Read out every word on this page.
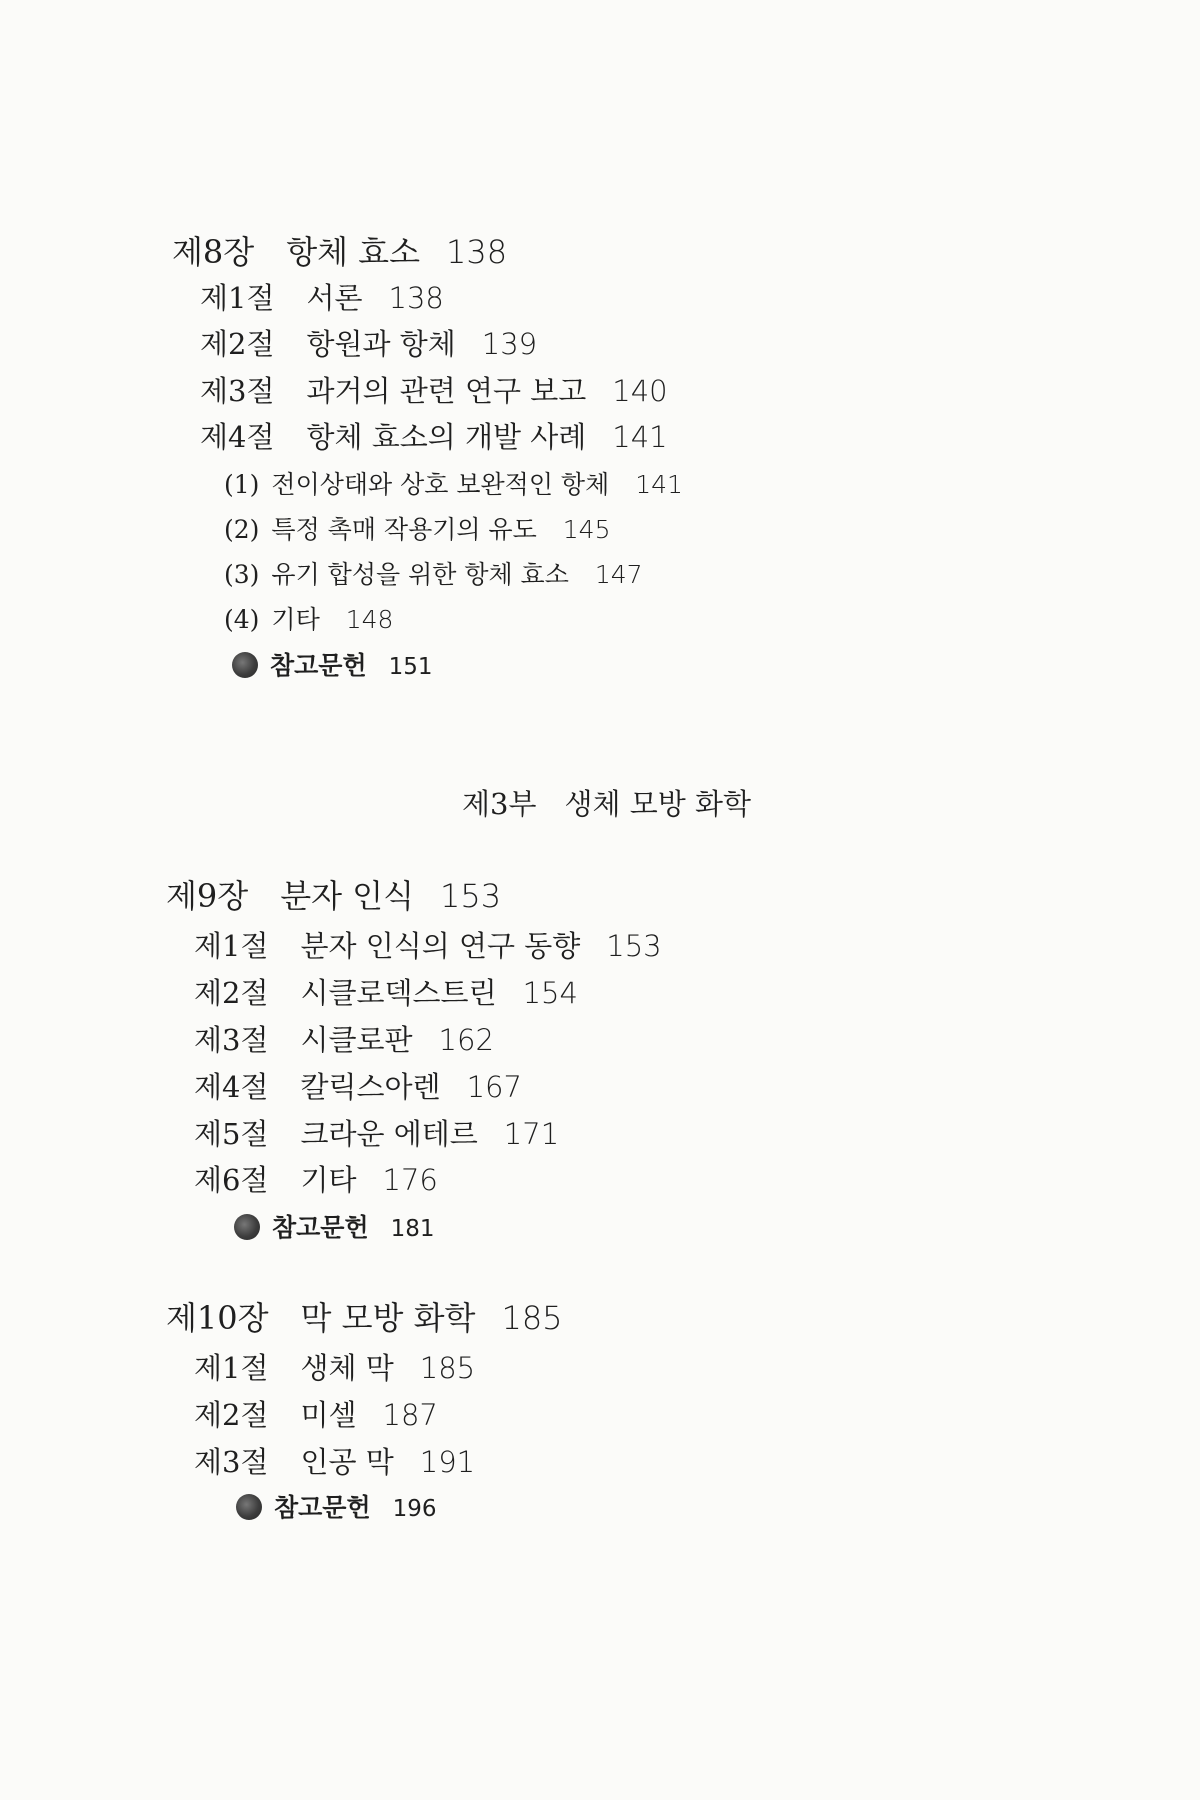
제8장 항체 효소 138
제1절 서론 138
제2절 항원과 항체 139
제3절 과거의 관련 연구 보고 140
제4절 항체 효소의 개발 사례 141
(1) 전이상태와 상호 보완적인 항체 141
(2) 특정 촉매 작용기의 유도 145
(3) 유기 합성을 위한 항체 효소 147
(4) 기타 148
참고문헌 151
제3부 생체 모방 화학
제9장 분자 인식 153
제1절 분자 인식의 연구 동향 153
제2절 시클로덱스트린 154
제3절 시클로판 162
제4절 칼릭스아렌 167
제5절 크라운 에테르 171
제6절 기타 176
참고문헌 181
제10장 막 모방 화학 185
제1절 생체 막 185
제2절 미셀 187
제3절 인공 막 191
참고문헌 196
